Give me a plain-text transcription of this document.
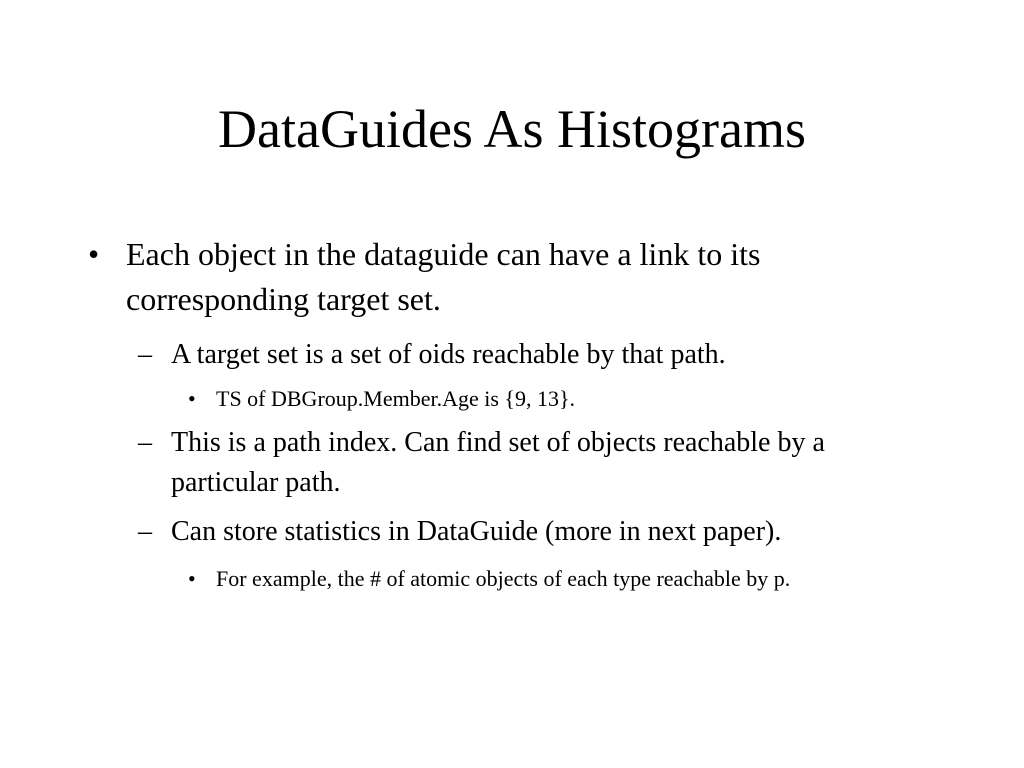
DataGuides As Histograms
• Each object in the dataguide can have a link to its corresponding target set.
– A target set is a set of oids reachable by that path.
• TS of DBGroup.Member.Age is {9, 13}.
– This is a path index. Can find set of objects reachable by a particular path.
– Can store statistics in DataGuide (more in next paper).
• For example, the # of atomic objects of each type reachable by p.
